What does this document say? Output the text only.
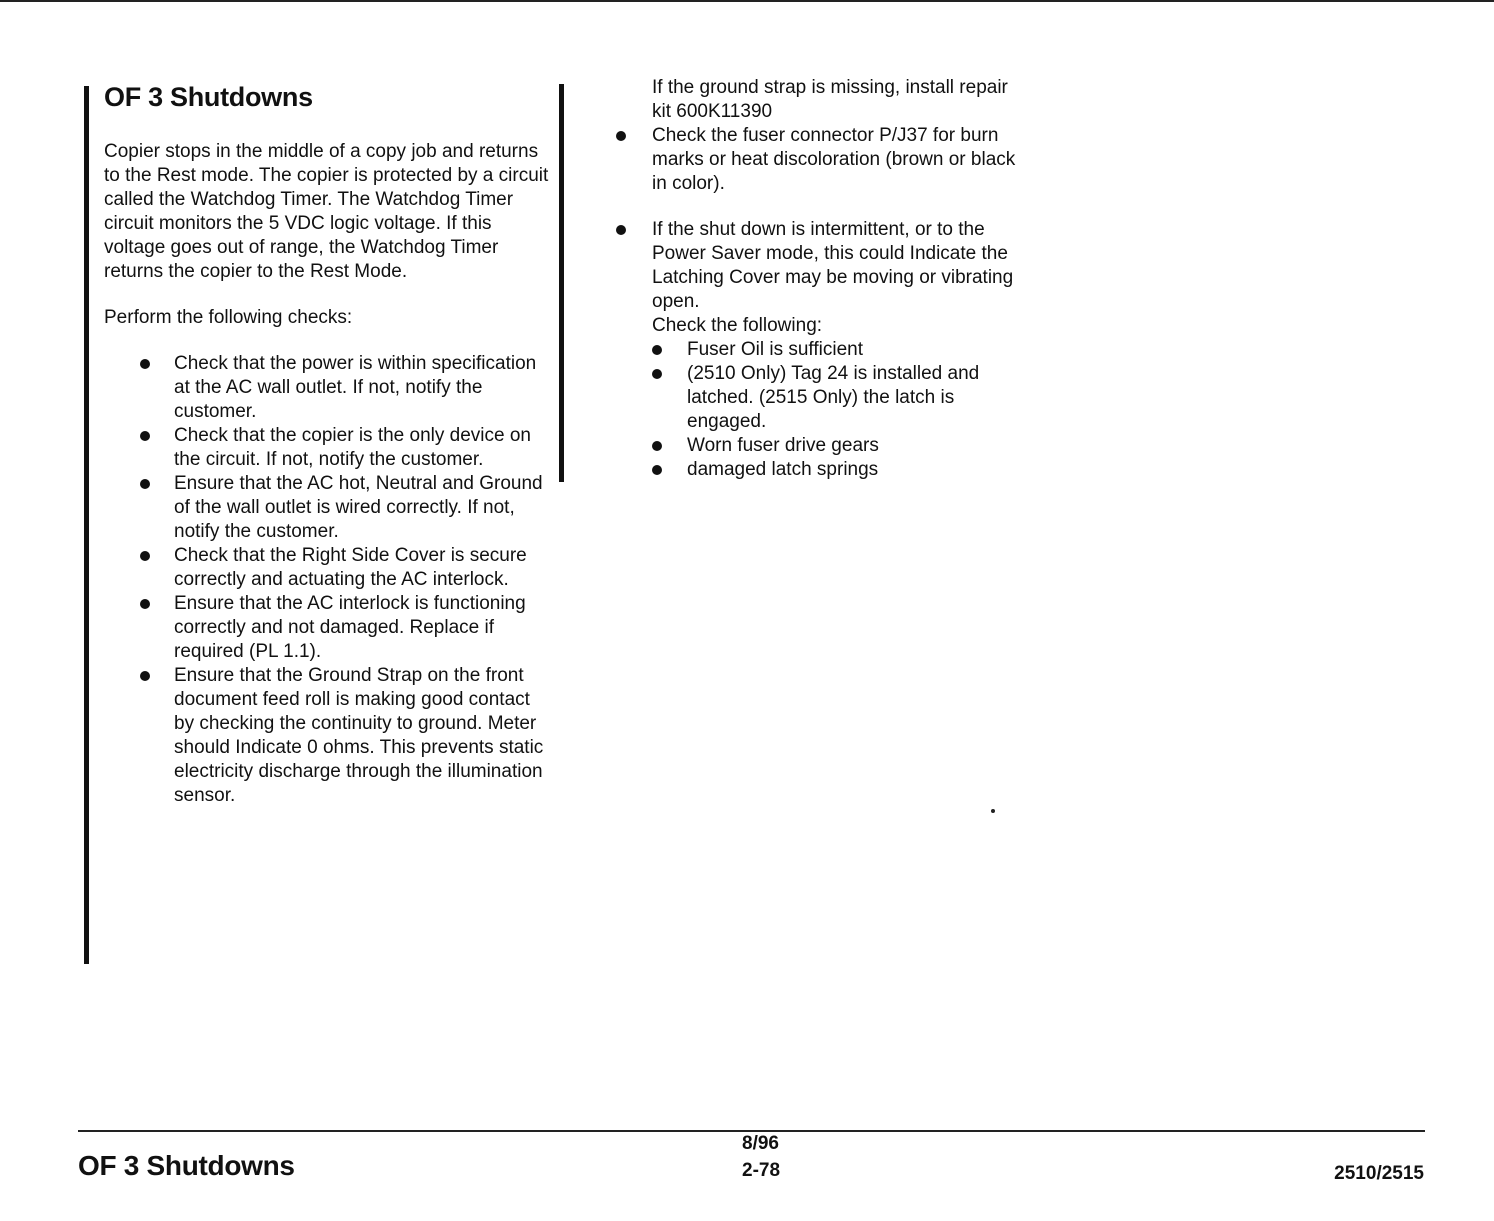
OF 3 Shutdowns

Copier stops in the middle of a copy job and returns to the Rest mode. The copier is protected by a circuit called the Watchdog Timer. The Watchdog Timer circuit monitors the 5 VDC logic voltage. If this voltage goes out of range, the Watchdog Timer returns the copier to the Rest Mode.

Perform the following checks:

Check that the power is within specification at the AC wall outlet. If not, notify the customer.
Check that the copier is the only device on the circuit. If not, notify the customer.
Ensure that the AC hot, Neutral and Ground of the wall outlet is wired correctly. If not, notify the customer.
Check that the Right Side Cover is secure correctly and actuating the AC interlock.
Ensure that the AC interlock is functioning correctly and not damaged. Replace if required (PL 1.1).
Ensure that the Ground Strap on the front document feed roll is making good contact by checking the continuity to ground. Meter should Indicate 0 ohms. This prevents static electricity discharge through the illumination sensor.

If the ground strap is missing, install repair kit 600K11390

Check the fuser connector P/J37 for burn marks or heat discoloration (brown or black in color).
If the shut down is intermittent, or to the Power Saver mode, this could Indicate the Latching Cover may be moving or vibrating open.
Check the following:
Fuser Oil is sufficient
(2510 Only) Tag 24 is installed and latched. (2515 Only) the latch is engaged.
Worn fuser drive gears
damaged latch springs
OF 3 Shutdowns
8/96
2-78	2510/2515
